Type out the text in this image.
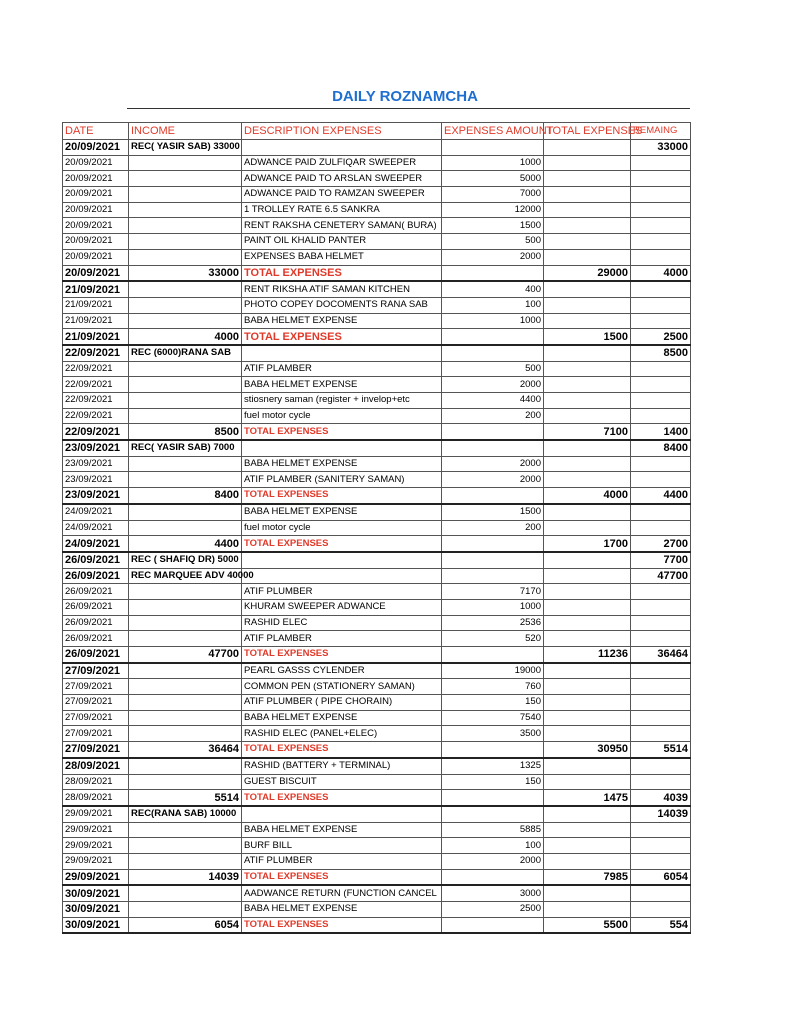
DAILY ROZNAMCHA
DATE	INCOME	DESCRIPTION EXPENSES	EXPENSES AMOUNT	TOTAL EXPENSES	REMAING
20/09/2021	REC( YASIR SAB) 33000				33000
20/09/2021		ADWANCE PAID ZULFIQAR SWEEPER	1000		
20/09/2021		ADWANCE PAID TO ARSLAN SWEEPER	5000		
20/09/2021		ADWANCE PAID TO RAMZAN SWEEPER	7000		
20/09/2021		1 TROLLEY RATE 6.5 SANKRA	12000		
20/09/2021		RENT RAKSHA CENETERY SAMAN( BURA)	1500		
20/09/2021		PAINT OIL KHALID PANTER	500		
20/09/2021		EXPENSES BABA HELMET	2000		
20/09/2021	33000	TOTAL EXPENSES		29000	4000
21/09/2021		RENT RIKSHA ATIF SAMAN KITCHEN	400		
21/09/2021		PHOTO COPEY DOCOMENTS RANA SAB	100		
21/09/2021		BABA HELMET EXPENSE	1000		
21/09/2021	4000	TOTAL EXPENSES		1500	2500
22/09/2021	REC (6000)RANA SAB				8500
22/09/2021		ATIF PLAMBER	500		
22/09/2021		BABA HELMET EXPENSE	2000		
22/09/2021		stiosnery saman (register + invelop+etc	4400		
22/09/2021		fuel motor cycle	200		
22/09/2021	8500	TOTAL EXPENSES		7100	1400
23/09/2021	REC( YASIR SAB) 7000				8400
23/09/2021		BABA HELMET EXPENSE	2000		
23/09/2021		ATIF PLAMBER (SANITERY SAMAN)	2000		
23/09/2021	8400	TOTAL EXPENSES		4000	4400
24/09/2021		BABA HELMET EXPENSE	1500		
24/09/2021		fuel motor cycle	200		
24/09/2021	4400	TOTAL EXPENSES		1700	2700
26/09/2021	REC ( SHAFIQ DR) 5000				7700
26/09/2021	REC MARQUEE ADV 40000				47700
26/09/2021		ATIF PLUMBER	7170		
26/09/2021		KHURAM SWEEPER ADWANCE	1000		
26/09/2021		RASHID ELEC	2536		
26/09/2021		ATIF PLAMBER	520		
26/09/2021	47700	TOTAL EXPENSES		11236	36464
27/09/2021		PEARL GASSS CYLENDER	19000		
27/09/2021		COMMON PEN (STATIONERY SAMAN)	760		
27/09/2021		ATIF PLUMBER ( PIPE CHORAIN)	150		
27/09/2021		BABA HELMET EXPENSE	7540		
27/09/2021		RASHID ELEC (PANEL+ELEC)	3500		
27/09/2021	36464	TOTAL EXPENSES		30950	5514
28/09/2021		RASHID (BATTERY + TERMINAL)	1325		
28/09/2021		GUEST BISCUIT	150		
28/09/2021	5514	TOTAL EXPENSES		1475	4039
29/09/2021	REC(RANA SAB) 10000				14039
29/09/2021		BABA HELMET EXPENSE	5885		
29/09/2021		BURF BILL	100		
29/09/2021		ATIF PLUMBER	2000		
29/09/2021	14039	TOTAL EXPENSES		7985	6054
30/09/2021		AADWANCE RETURN (FUNCTION CANCEL	3000		
30/09/2021		BABA HELMET EXPENSE	2500		
30/09/2021	6054	TOTAL EXPENSES		5500	554
